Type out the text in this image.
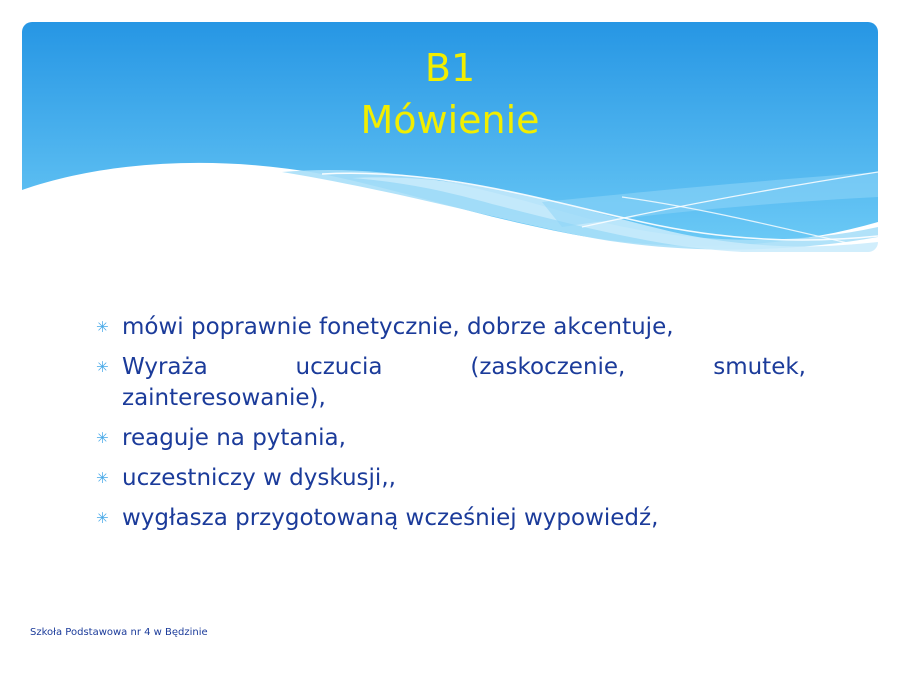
B1
Mówienie
✳ mówi poprawnie fonetycznie, dobrze akcentuje,
✳ Wyraża	uczucia	(zaskoczenie,	smutek,
zainteresowanie),
✳ reaguje na pytania,
✳ uczestniczy w dyskusji,,
✳ wygłasza przygotowaną wcześniej wypowiedź,
Szkoła Podstawowa nr 4 w Będzinie
